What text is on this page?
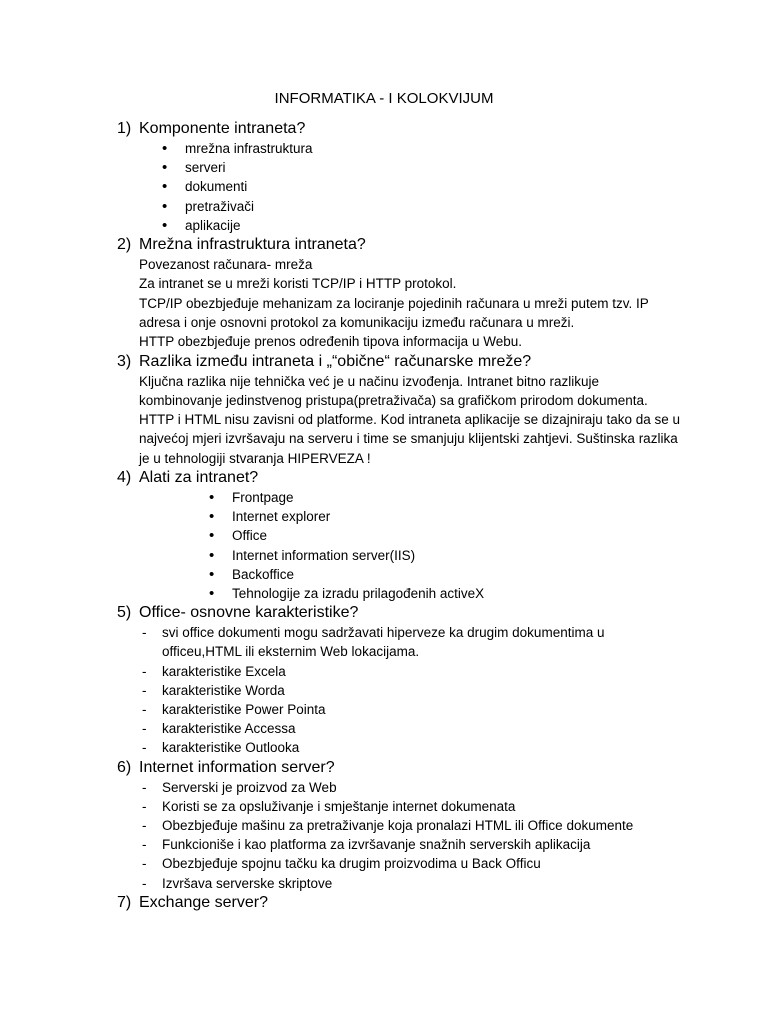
INFORMATIKA - I KOLOKVIJUM
1) Komponente intraneta?
• mrežna infrastruktura
• serveri
• dokumenti
• pretraživači
• aplikacije
2) Mrežna infrastruktura intraneta?
Povezanost računara- mreža
Za intranet se u mreži koristi TCP/IP i HTTP protokol.
TCP/IP obezbjeđuje mehanizam za lociranje pojedinih računara u mreži putem tzv. IP adresa i onje osnovni protokol za komunikaciju između računara u mreži.
HTTP obezbjeđuje prenos određenih tipova informacija u Webu.
3) Razlika između intraneta i „“obične“ računarske mreže?
Ključna razlika nije tehnička već je u načinu izvođenja. Intranet bitno razlikuje kombinovanje jedinstvenog pristupa(pretraživača) sa grafičkom prirodom dokumenta. HTTP i HTML nisu zavisni od platforme. Kod intraneta aplikacije se dizajniraju tako da se u najvećoj mjeri izvršavaju na serveru i time se smanjuju klijentski zahtjevi. Suštinska razlika je u tehnologiji stvaranja HIPERVEZA !
4) Alati za intranet?
• Frontpage
• Internet explorer
• Office
• Internet information server(IIS)
• Backoffice
• Tehnologije za izradu prilagođenih activeX
5) Office- osnovne karakteristike?
- svi office dokumenti mogu sadržavati hiperveze ka drugim dokumentima u officeu,HTML ili eksternim Web lokacijama.
- karakteristike Excela
- karakteristike Worda
- karakteristike Power Pointa
- karakteristike Accessa
- karakteristike Outlooka
6) Internet information server?
- Serverski je proizvod za Web
- Koristi se za opsluživanje i smještanje internet dokumenata
- Obezbjeđuje mašinu za pretraživanje koja pronalazi HTML ili Office dokumente
- Funkcioniše i kao platforma za izvršavanje snažnih serverskih aplikacija
- Obezbjeđuje spojnu tačku ka drugim proizvodima u Back Officu
- Izvršava serverske skriptove
7) Exchange server?
